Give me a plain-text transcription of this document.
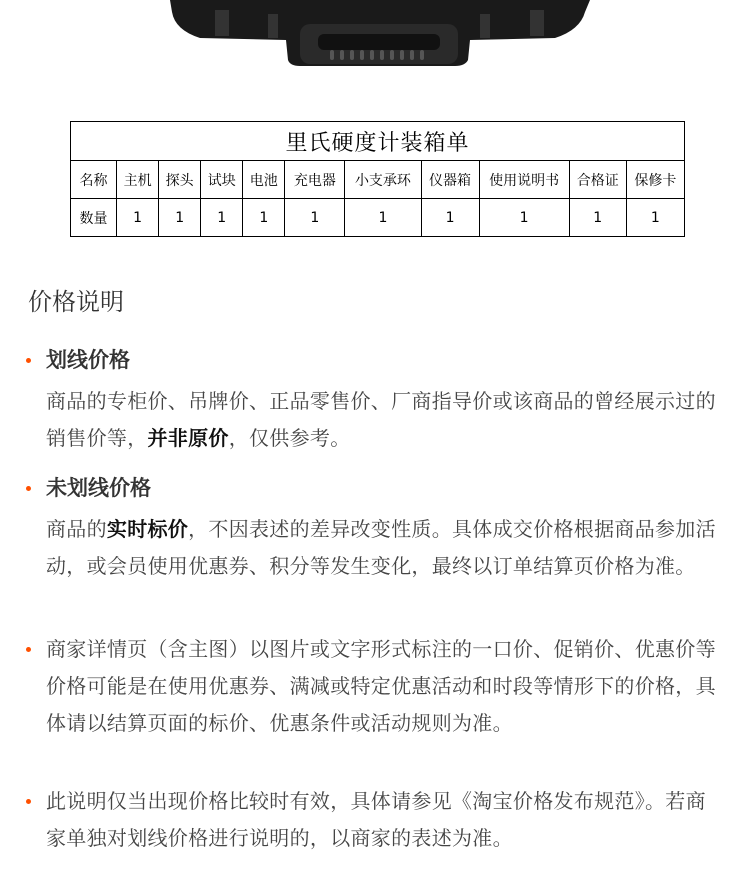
里氏硬度计装箱单										
名称	主机	探头	试块	电池	充电器	小支承环	仪器箱	使用说明书	合格证	保修卡
数量	1	1	1	1	1	1	1	1	1	1
价格说明
划线价格
商品的专柜价、吊牌价、正品零售价、厂商指导价或该商品的曾经展示过的销售价等，并非原价，仅供参考。
未划线价格
商品的实时标价，不因表述的差异改变性质。具体成交价格根据商品参加活动，或会员使用优惠券、积分等发生变化，最终以订单结算页价格为准。
商家详情页（含主图）以图片或文字形式标注的一口价、促销价、优惠价等价格可能是在使用优惠券、满减或特定优惠活动和时段等情形下的价格，具体请以结算页面的标价、优惠条件或活动规则为准。
此说明仅当出现价格比较时有效，具体请参见《淘宝价格发布规范》。若商家单独对划线价格进行说明的，以商家的表述为准。
